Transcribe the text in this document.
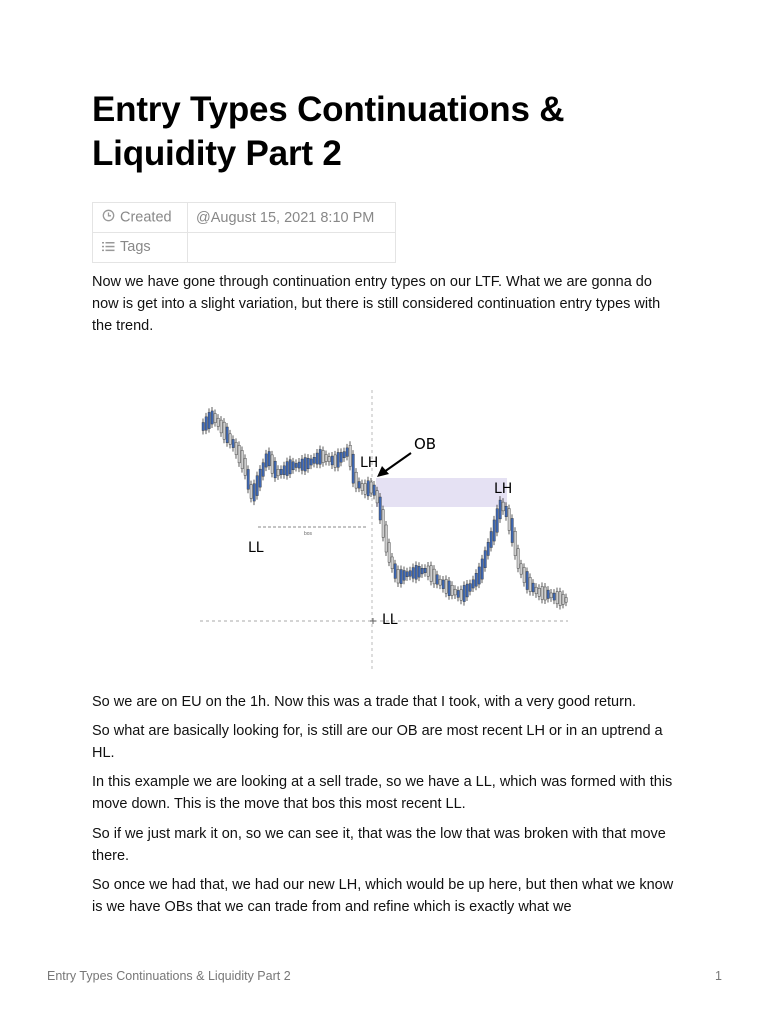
Entry Types Continuations & Liquidity Part 2
Created	@August 15, 2021 8:10 PM
Tags	

Now we have gone through continuation entry types on our LTF. What we are gonna do now is get into a slight variation, but there is still considered continuation entry types with the trend.

bos
OB
LH
LH
LL
LL

So we are on EU on the 1h. Now this was a trade that I took, with a very good return.

So what are basically looking for, is still are our OB are most recent LH or in an uptrend a HL.

In this example we are looking at a sell trade, so we have a LL, which was formed with this move down. This is the move that bos this most recent LL.

So if we just mark it on, so we can see it, that was the low that was broken with that move there.

So once we had that, we had our new LH, which would be up here, but then what we know is we have OBs that we can trade from and refine which is exactly what we

Entry Types Continuations & Liquidity Part 2	1
